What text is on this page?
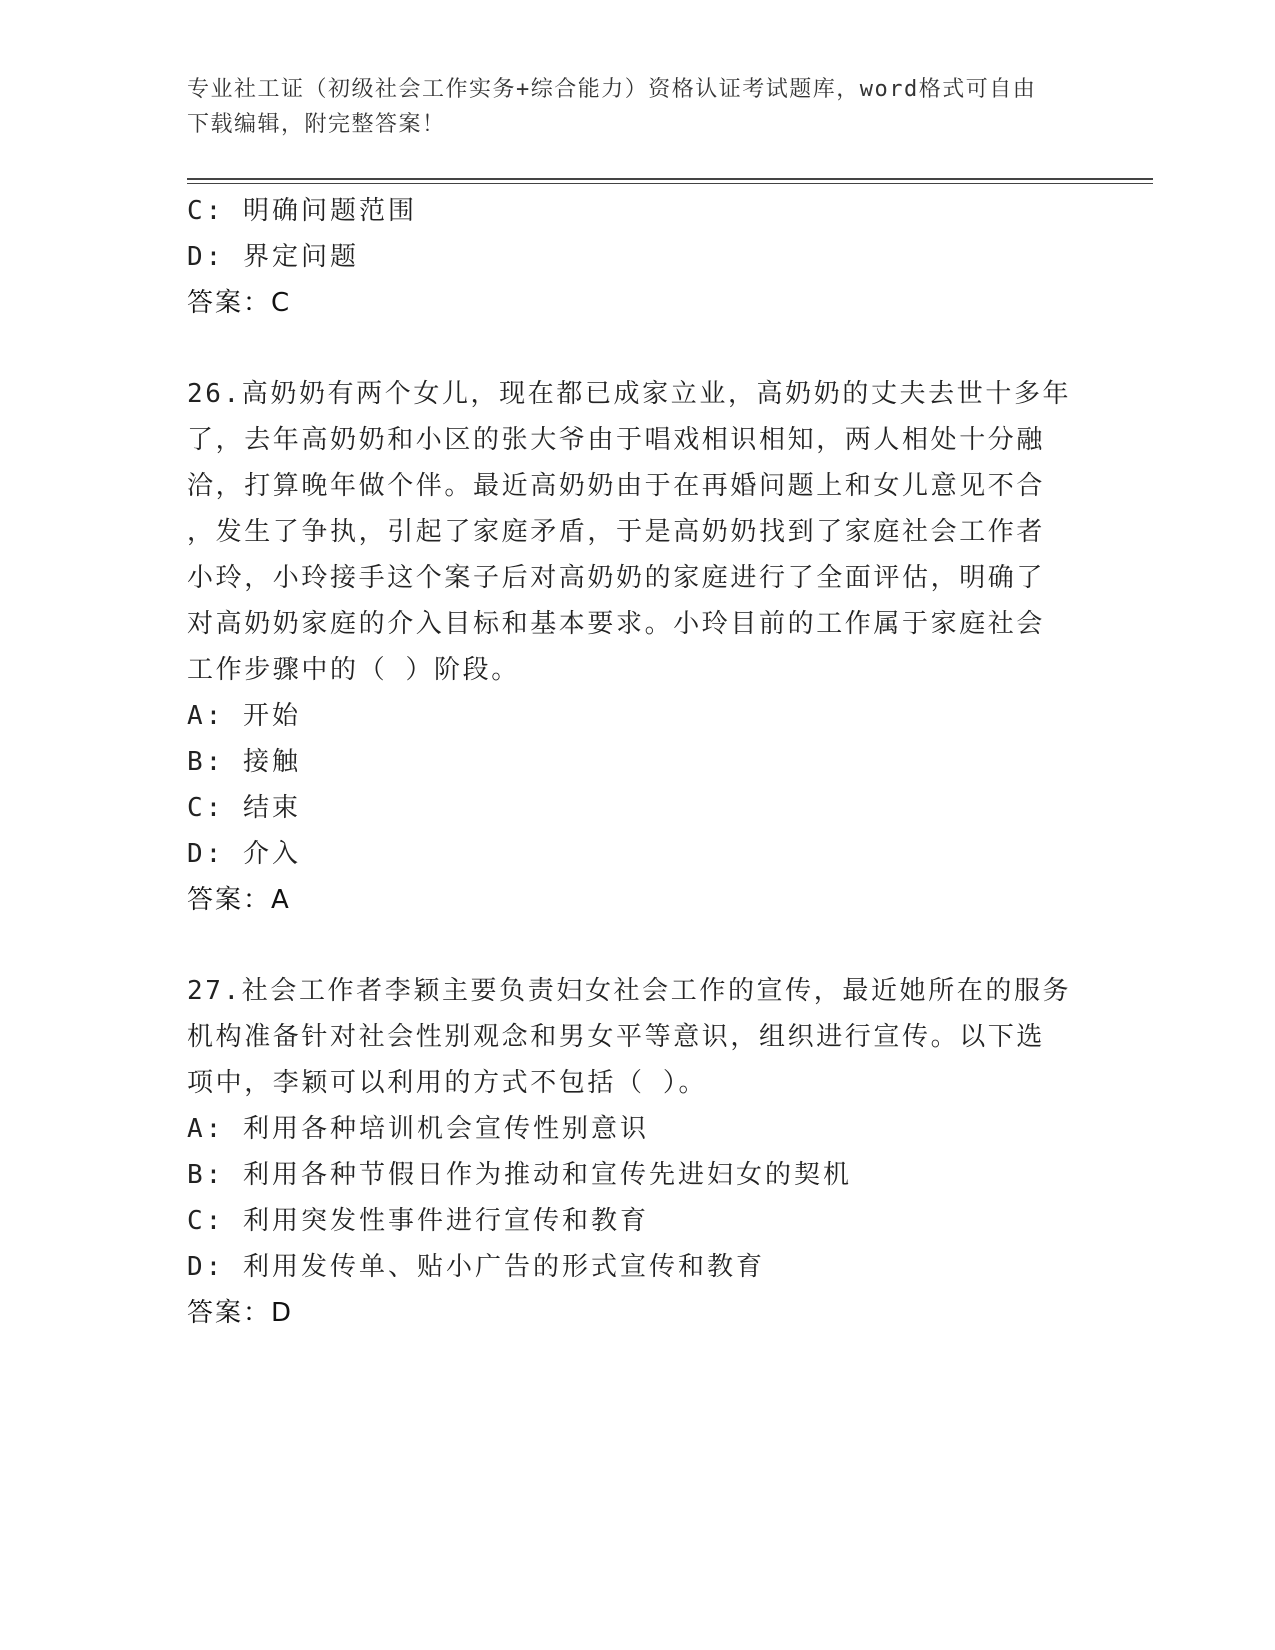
专业社工证（初级社会工作实务+综合能力）资格认证考试题库，word格式可自由
下载编辑，附完整答案！
C: 明确问题范围
D: 界定问题
答案：C
26.高奶奶有两个女儿，现在都已成家立业，高奶奶的丈夫去世十多年
了，去年高奶奶和小区的张大爷由于唱戏相识相知，两人相处十分融
洽，打算晚年做个伴。最近高奶奶由于在再婚问题上和女儿意见不合
，发生了争执，引起了家庭矛盾，于是高奶奶找到了家庭社会工作者
小玲，小玲接手这个案子后对高奶奶的家庭进行了全面评估，明确了
对高奶奶家庭的介入目标和基本要求。小玲目前的工作属于家庭社会
工作步骤中的（ ）阶段。
A: 开始
B: 接触
C: 结束
D: 介入
答案：A
27.社会工作者李颖主要负责妇女社会工作的宣传，最近她所在的服务
机构准备针对社会性别观念和男女平等意识，组织进行宣传。以下选
项中，李颖可以利用的方式不包括（ ）。
A: 利用各种培训机会宣传性别意识
B: 利用各种节假日作为推动和宣传先进妇女的契机
C: 利用突发性事件进行宣传和教育
D: 利用发传单、贴小广告的形式宣传和教育
答案：D
